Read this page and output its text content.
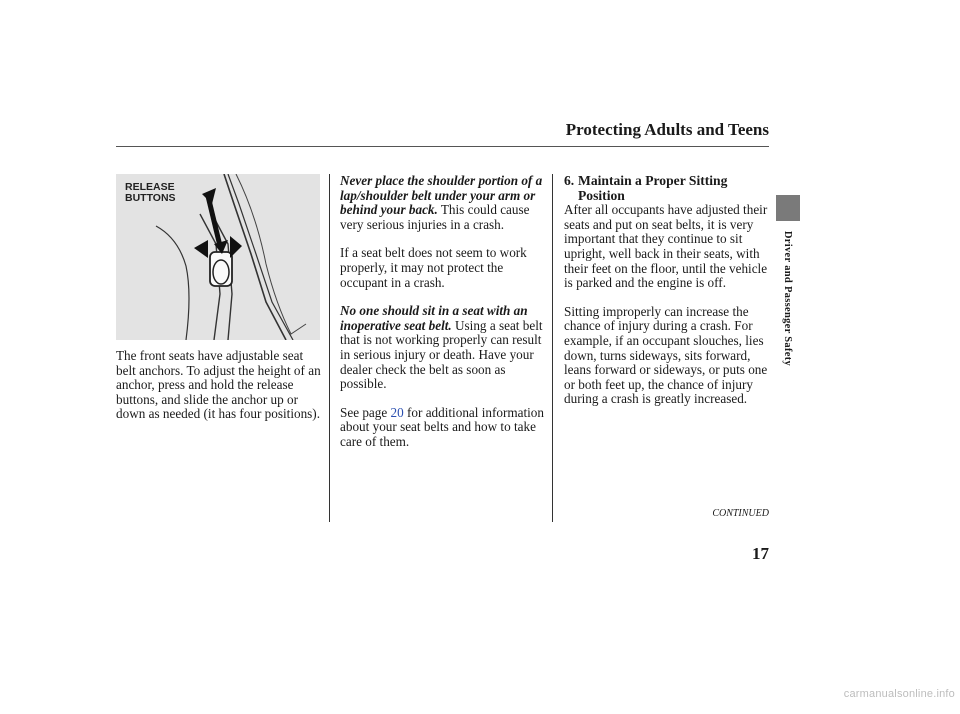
Protecting Adults and Teens
RELEASE
BUTTONS
The front seats have adjustable seat belt anchors. To adjust the height of an anchor, press and hold the release buttons, and slide the anchor up or down as needed (it has four positions).
Never place the shoulder portion of a lap/shoulder belt under your arm or behind your back. This could cause very serious injuries in a crash.
If a seat belt does not seem to work properly, it may not protect the occupant in a crash.
No one should sit in a seat with an inoperative seat belt. Using a seat belt that is not working properly can result in serious injury or death. Have your dealer check the belt as soon as possible.
See page 20 for additional information about your seat belts and how to take care of them.
6. Maintain a Proper Sitting Position
After all occupants have adjusted their seats and put on seat belts, it is very important that they continue to sit upright, well back in their seats, with their feet on the floor, until the vehicle is parked and the engine is off.
Sitting improperly can increase the chance of injury during a crash. For example, if an occupant slouches, lies down, turns sideways, sits forward, leans forward or sideways, or puts one or both feet up, the chance of injury during a crash is greatly increased.
Driver and Passenger Safety
CONTINUED
17
carmanualsonline.info
